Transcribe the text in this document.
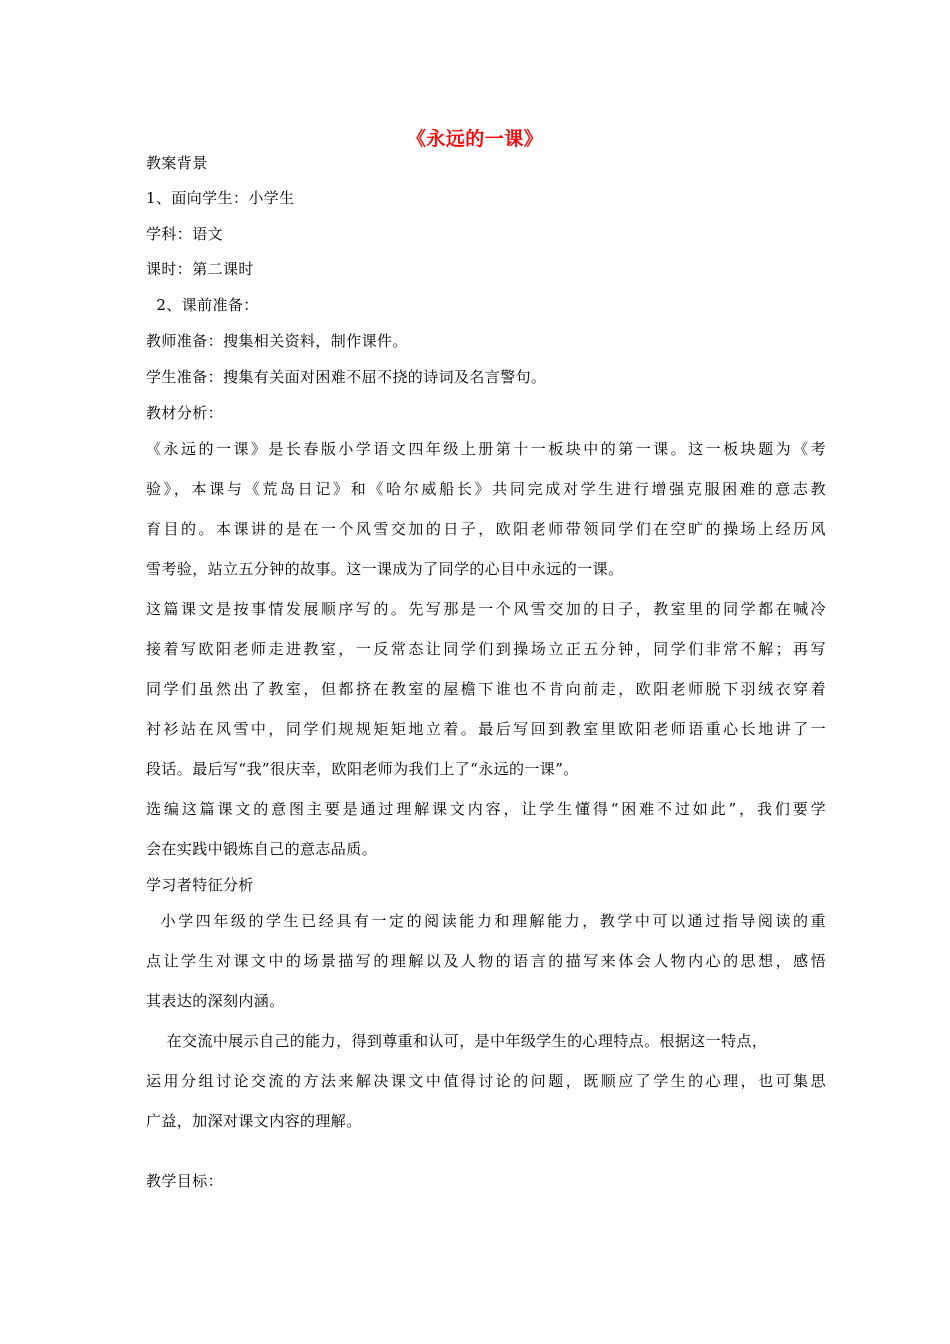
《永远的一课》
教案背景
1、面向学生：小学生
学科：语文
课时：第二课时
2、课前准备：
教师准备：搜集相关资料，制作课件。
学生准备：搜集有关面对困难不屈不挠的诗词及名言警句。
教材分析：
《永远的一课》是长春版小学语文四年级上册第十一板块中的第一课。这一板块题为《考
验》，本课与《荒岛日记》和《哈尔威船长》共同完成对学生进行增强克服困难的意志教
育目的。本课讲的是在一个风雪交加的日子，欧阳老师带领同学们在空旷的操场上经历风
雪考验，站立五分钟的故事。这一课成为了同学的心目中永远的一课。
这篇课文是按事情发展顺序写的。先写那是一个风雪交加的日子，教室里的同学都在喊冷
接着写欧阳老师走进教室，一反常态让同学们到操场立正五分钟，同学们非常不解；再写
同学们虽然出了教室，但都挤在教室的屋檐下谁也不肯向前走，欧阳老师脱下羽绒衣穿着
衬衫站在风雪中，同学们规规矩矩地立着。最后写回到教室里欧阳老师语重心长地讲了一
段话。最后写“我”很庆幸，欧阳老师为我们上了“永远的一课”。
选编这篇课文的意图主要是通过理解课文内容，让学生懂得“困难不过如此”，我们要学
会在实践中锻炼自己的意志品质。
学习者特征分析
小学四年级的学生已经具有一定的阅读能力和理解能力，教学中可以通过指导阅读的重
点让学生对课文中的场景描写的理解以及人物的语言的描写来体会人物内心的思想，感悟
其表达的深刻内涵。
在交流中展示自己的能力，得到尊重和认可，是中年级学生的心理特点。根据这一特点，
运用分组讨论交流的方法来解决课文中值得讨论的问题，既顺应了学生的心理，也可集思
广益，加深对课文内容的理解。
教学目标：
